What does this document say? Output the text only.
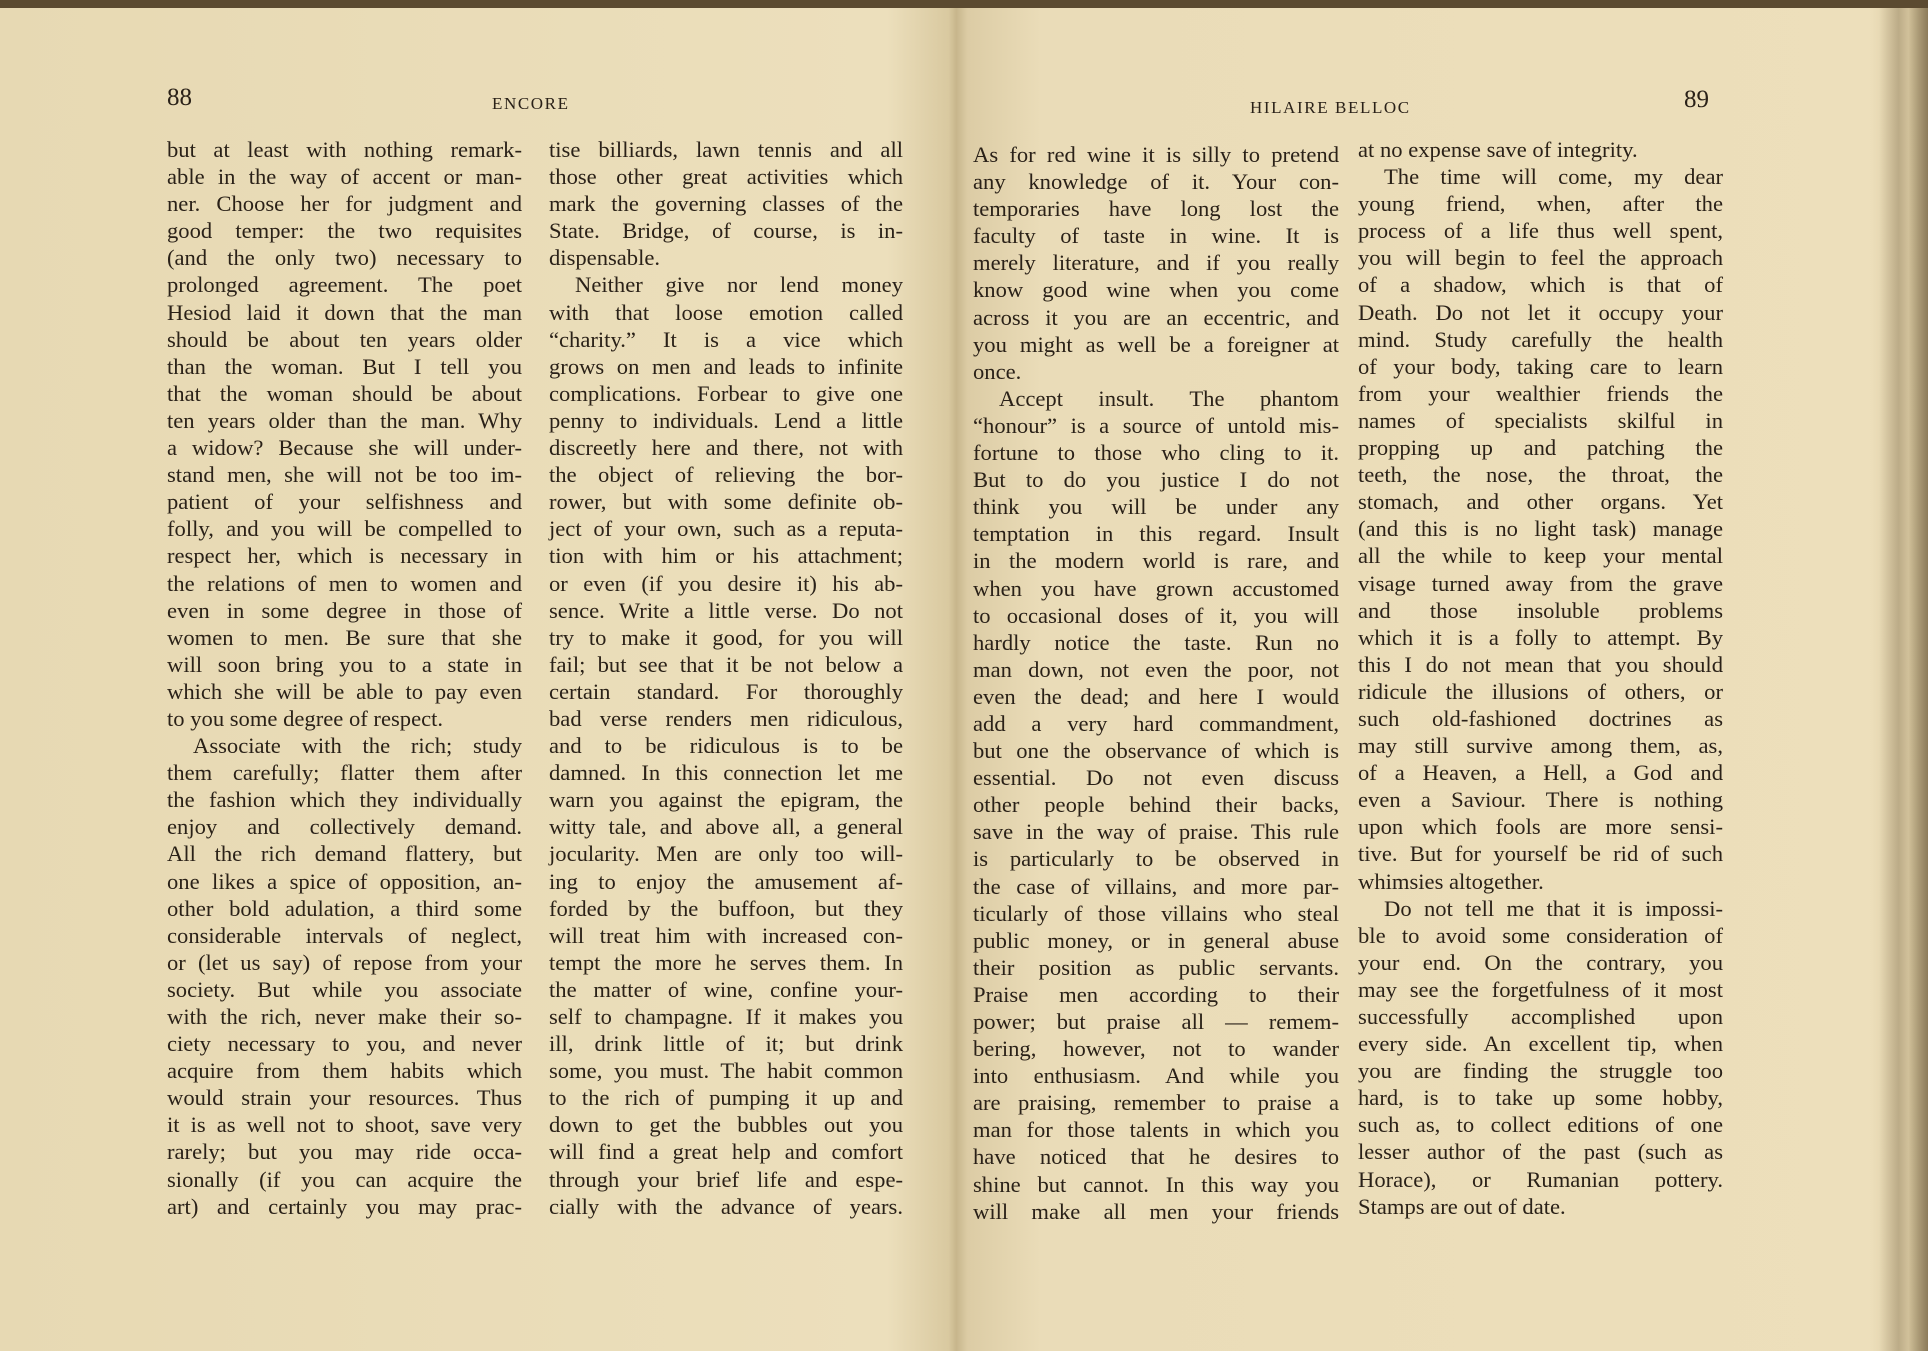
88	ENCORE
but at least with nothing remark-
able in the way of accent or man-
ner. Choose her for judgment and
good temper: the two requisites
(and the only two) necessary to
prolonged agreement. The poet
Hesiod laid it down that the man
should be about ten years older
than the woman. But I tell you
that the woman should be about
ten years older than the man. Why
a widow? Because she will under-
stand men, she will not be too im-
patient of your selfishness and
folly, and you will be compelled to
respect her, which is necessary in
the relations of men to women and
even in some degree in those of
women to men. Be sure that she
will soon bring you to a state in
which she will be able to pay even
to you some degree of respect.
Associate with the rich; study
them carefully; flatter them after
the fashion which they individually
enjoy and collectively demand.
All the rich demand flattery, but
one likes a spice of opposition, an-
other bold adulation, a third some
considerable intervals of neglect,
or (let us say) of repose from your
society. But while you associate
with the rich, never make their so-
ciety necessary to you, and never
acquire from them habits which
would strain your resources. Thus
it is as well not to shoot, save very
rarely; but you may ride occa-
sionally (if you can acquire the
art) and certainly you may prac-
tise billiards, lawn tennis and all
those other great activities which
mark the governing classes of the
State. Bridge, of course, is in-
dispensable.
Neither give nor lend money
with that loose emotion called
“charity.” It is a vice which
grows on men and leads to infinite
complications. Forbear to give one
penny to individuals. Lend a little
discreetly here and there, not with
the object of relieving the bor-
rower, but with some definite ob-
ject of your own, such as a reputa-
tion with him or his attachment;
or even (if you desire it) his ab-
sence. Write a little verse. Do not
try to make it good, for you will
fail; but see that it be not below a
certain standard. For thoroughly
bad verse renders men ridiculous,
and to be ridiculous is to be
damned. In this connection let me
warn you against the epigram, the
witty tale, and above all, a general
jocularity. Men are only too will-
ing to enjoy the amusement af-
forded by the buffoon, but they
will treat him with increased con-
tempt the more he serves them. In
the matter of wine, confine your-
self to champagne. If it makes you
ill, drink little of it; but drink
some, you must. The habit common
to the rich of pumping it up and
down to get the bubbles out you
will find a great help and comfort
through your brief life and espe-
cially with the advance of years.
HILAIRE BELLOC	89
As for red wine it is silly to pretend
any knowledge of it. Your con-
temporaries have long lost the
faculty of taste in wine. It is
merely literature, and if you really
know good wine when you come
across it you are an eccentric, and
you might as well be a foreigner at
once.
Accept insult. The phantom
“honour” is a source of untold mis-
fortune to those who cling to it.
But to do you justice I do not
think you will be under any
temptation in this regard. Insult
in the modern world is rare, and
when you have grown accustomed
to occasional doses of it, you will
hardly notice the taste. Run no
man down, not even the poor, not
even the dead; and here I would
add a very hard commandment,
but one the observance of which is
essential. Do not even discuss
other people behind their backs,
save in the way of praise. This rule
is particularly to be observed in
the case of villains, and more par-
ticularly of those villains who steal
public money, or in general abuse
their position as public servants.
Praise men according to their
power; but praise all — remem-
bering, however, not to wander
into enthusiasm. And while you
are praising, remember to praise a
man for those talents in which you
have noticed that he desires to
shine but cannot. In this way you
will make all men your friends
at no expense save of integrity.
The time will come, my dear
young friend, when, after the
process of a life thus well spent,
you will begin to feel the approach
of a shadow, which is that of
Death. Do not let it occupy your
mind. Study carefully the health
of your body, taking care to learn
from your wealthier friends the
names of specialists skilful in
propping up and patching the
teeth, the nose, the throat, the
stomach, and other organs. Yet
(and this is no light task) manage
all the while to keep your mental
visage turned away from the grave
and those insoluble problems
which it is a folly to attempt. By
this I do not mean that you should
ridicule the illusions of others, or
such old-fashioned doctrines as
may still survive among them, as,
of a Heaven, a Hell, a God and
even a Saviour. There is nothing
upon which fools are more sensi-
tive. But for yourself be rid of such
whimsies altogether.
Do not tell me that it is impossi-
ble to avoid some consideration of
your end. On the contrary, you
may see the forgetfulness of it most
successfully accomplished upon
every side. An excellent tip, when
you are finding the struggle too
hard, is to take up some hobby,
such as, to collect editions of one
lesser author of the past (such as
Horace), or Rumanian pottery.
Stamps are out of date.
